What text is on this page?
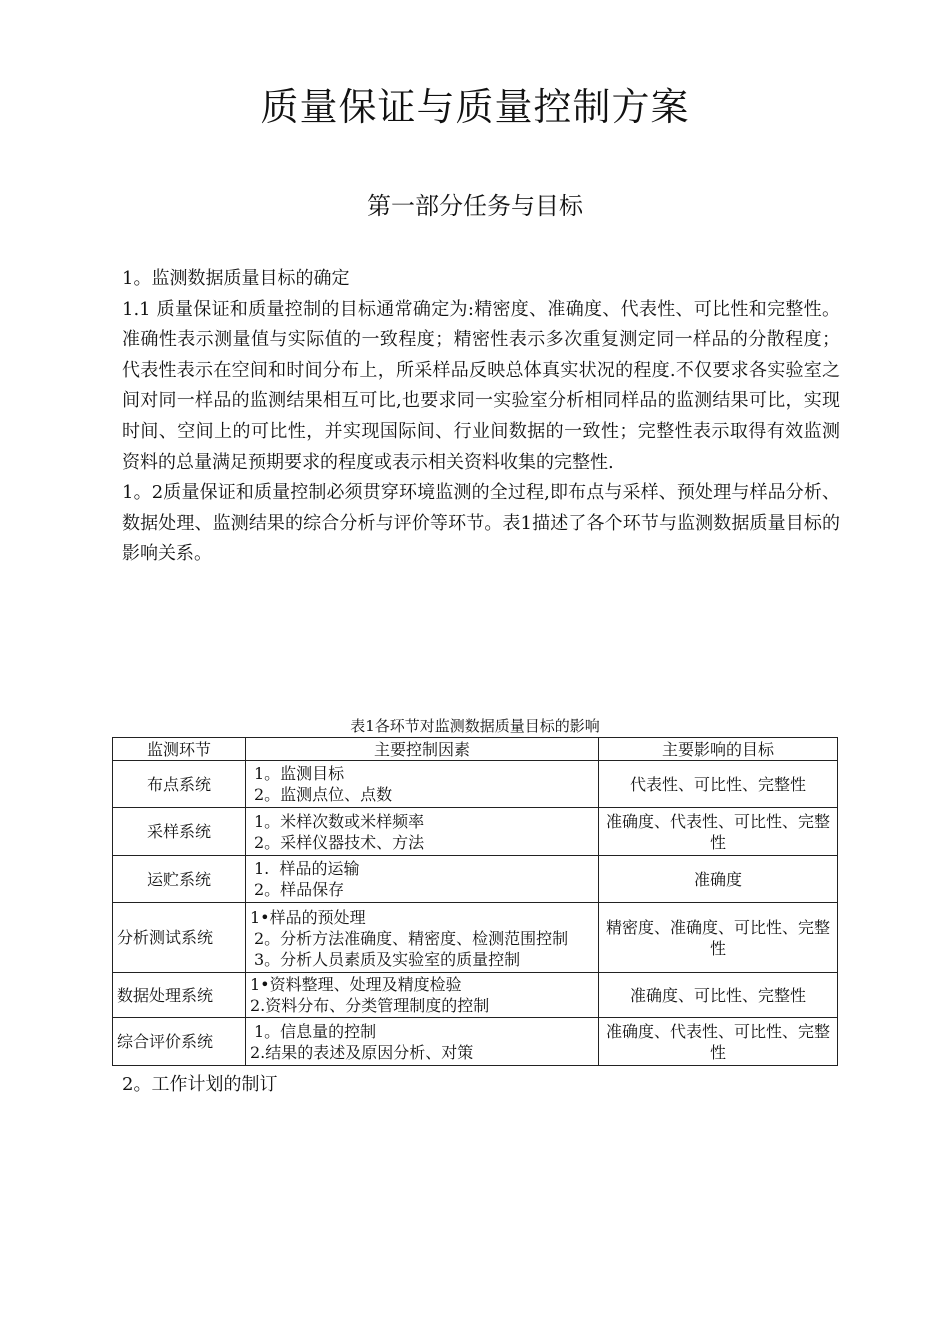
质量保证与质量控制方案
第一部分任务与目标

1。监测数据质量目标的确定

1.1 质量保证和质量控制的目标通常确定为:精密度、准确度、代表性、可比性和完整性。准确性表示测量值与实际值的一致程度；精密性表示多次重复测定同一样品的分散程度；代表性表示在空间和时间分布上，所采样品反映总体真实状况的程度.不仅要求各实验室之间对同一样品的监测结果相互可比,也要求同一实验室分析相同样品的监测结果可比，实现时间、空间上的可比性，并实现国际间、行业间数据的一致性；完整性表示取得有效监测资料的总量满足预期要求的程度或表示相关资料收集的完整性.

1。2质量保证和质量控制必须贯穿环境监测的全过程,即布点与采样、预处理与样品分析、数据处理、监测结果的综合分析与评价等环节。表1描述了各个环节与监测数据质量目标的影响关系。

表1各环节对监测数据质量目标的影响
监测环节	主要控制因素	主要影响的目标
布点系统	1。监测目标
2。监测点位、点数	代表性、可比性、完整性
采样系统	1。米样次数或米样频率
2。采样仪器技术、方法	准确度、代表性、可比性、完整性
运贮系统	1.  样品的运输
2。样品保存	准确度
分析测试系统	1•样品的预处理
2。分析方法准确度、精密度、检测范围控制
3。分析人员素质及实验室的质量控制	精密度、准确度、可比性、完整性
数据处理系统	1•资料整理、处理及精度检验
2.资料分布、分类管理制度的控制	准确度、可比性、完整性
综合评价系统	1。信息量的控制
2.结果的表述及原因分析、对策	准确度、代表性、可比性、完整性
2。工作计划的制订
